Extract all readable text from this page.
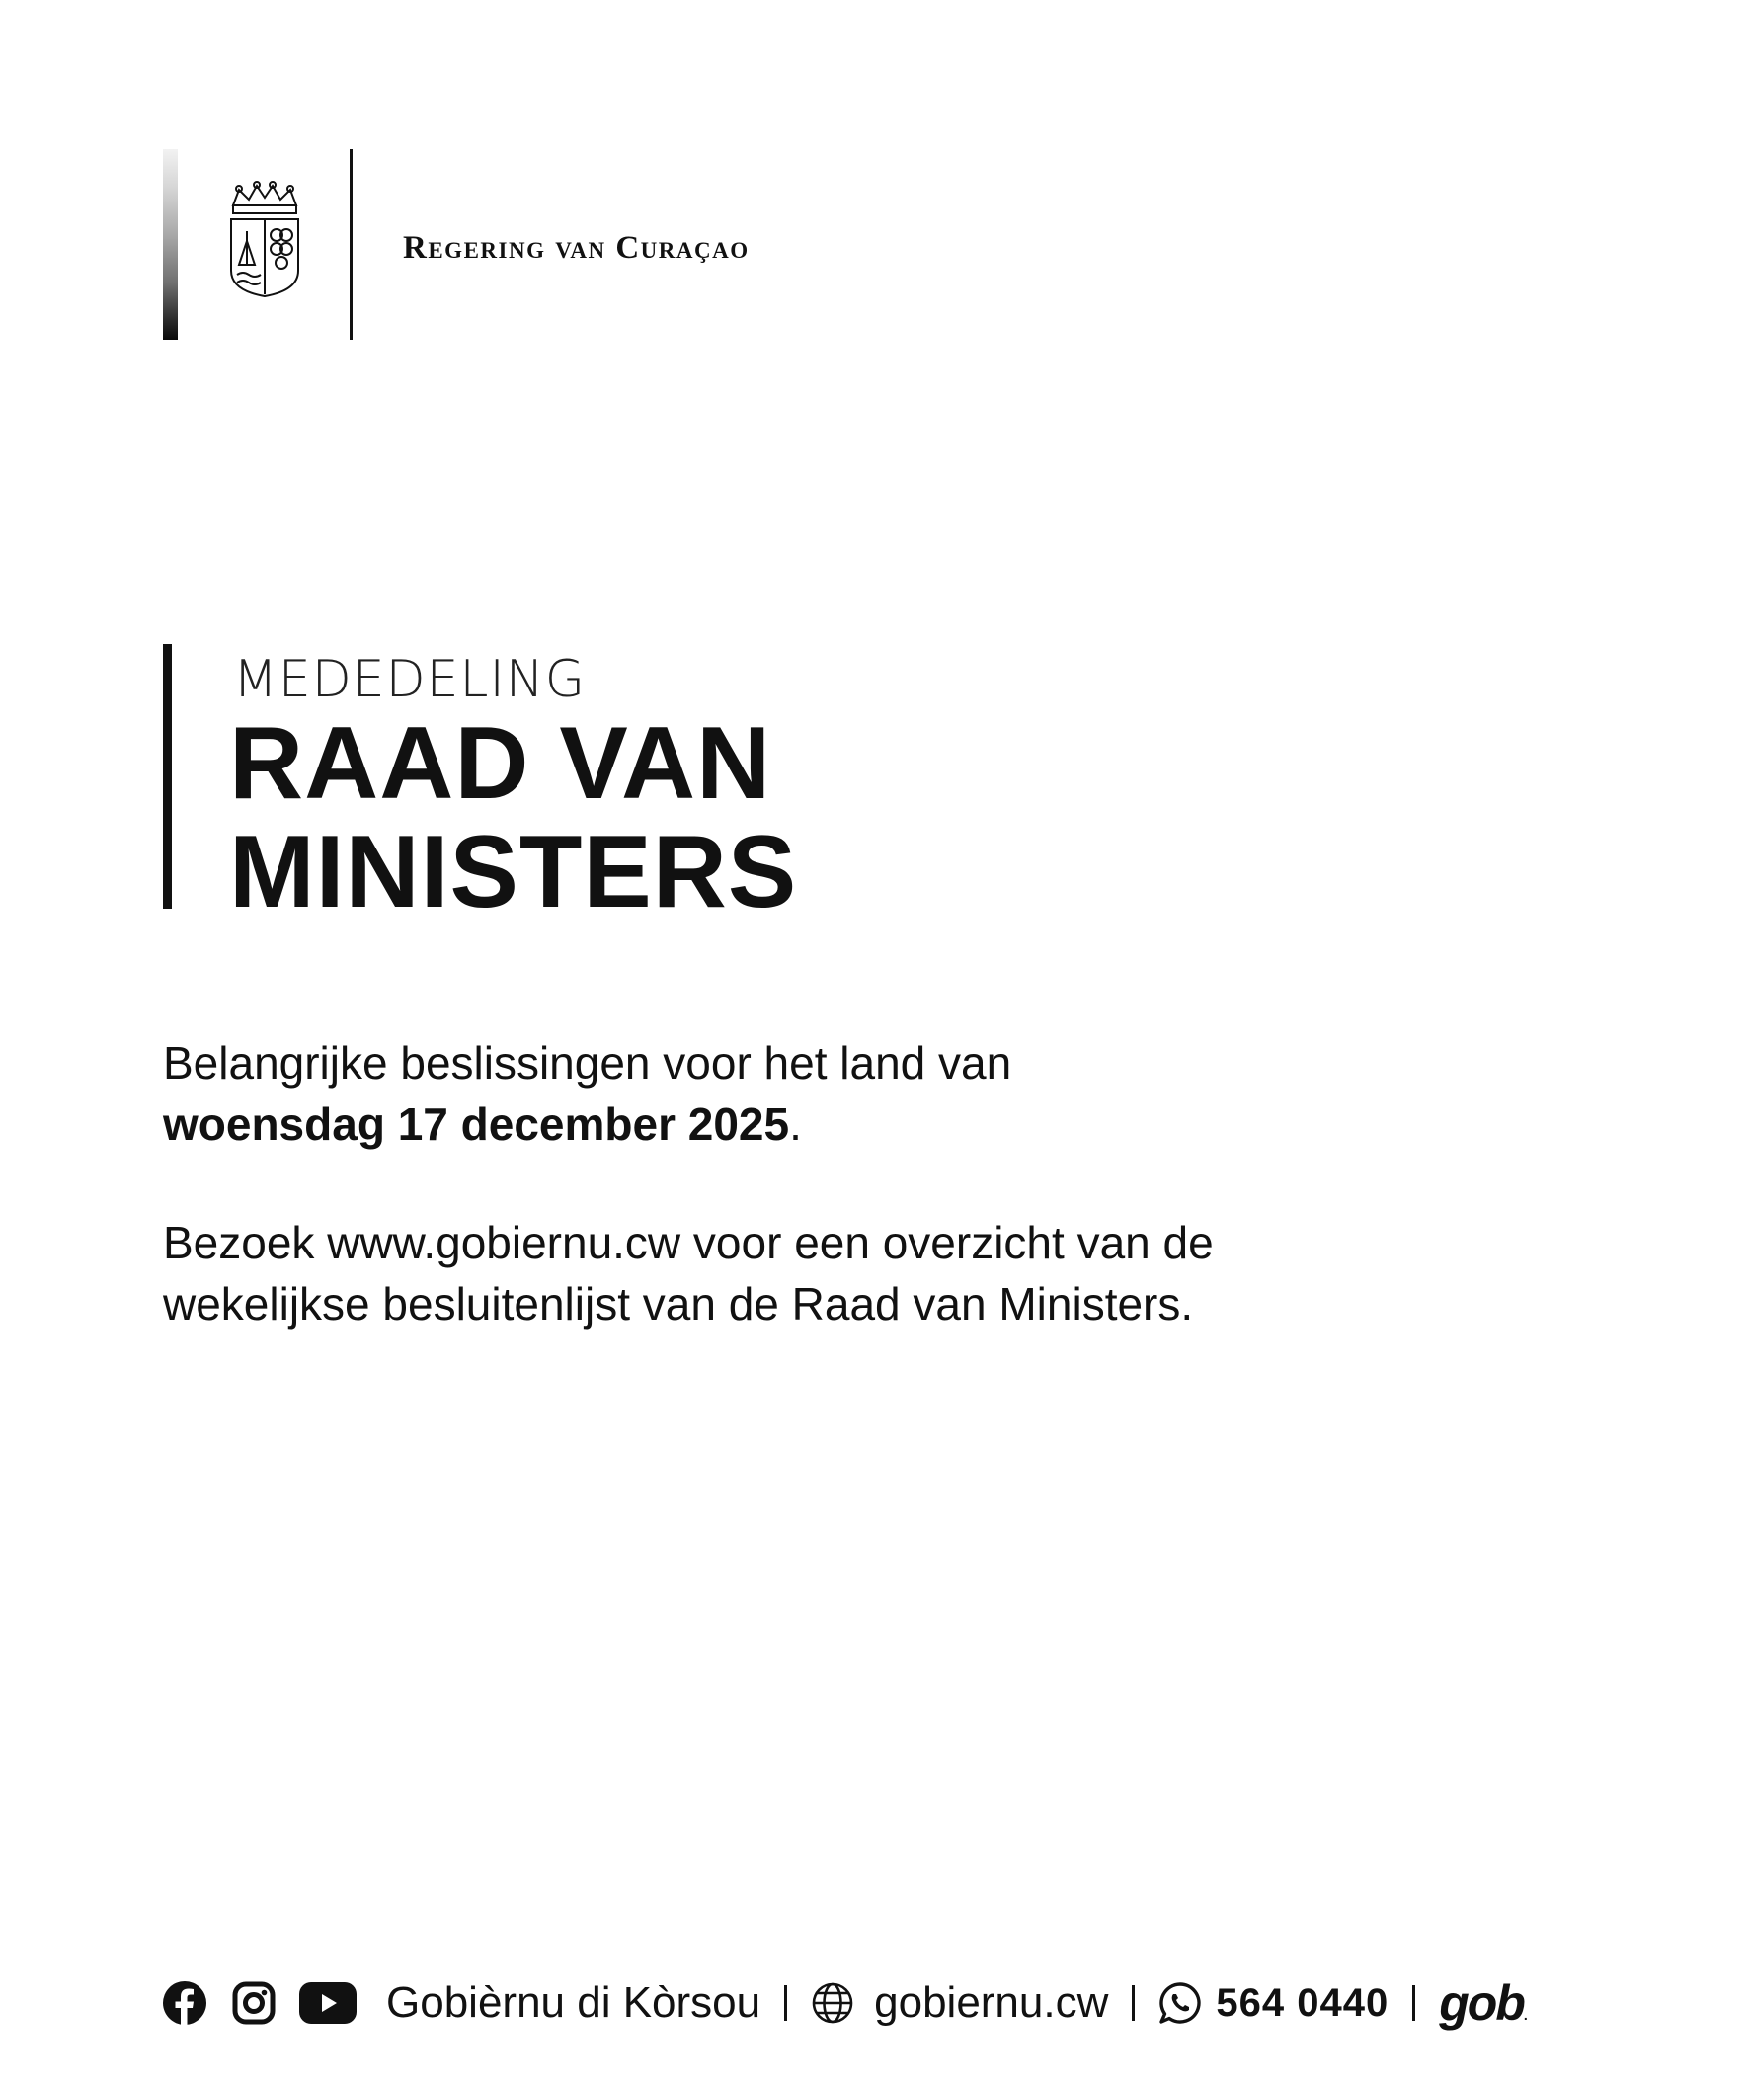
Regering van Curaçao
MEDEDELING
RAAD VAN
MINISTERS

Belangrijke beslissingen voor het land van
woensdag 17 december 2025.

Bezoek www.gobiernu.cw voor een overzicht van de
wekelijkse besluitenlijst van de Raad van Ministers.

Gobièrnu di Kòrsou	gobiernu.cw	564 0440 gob.
